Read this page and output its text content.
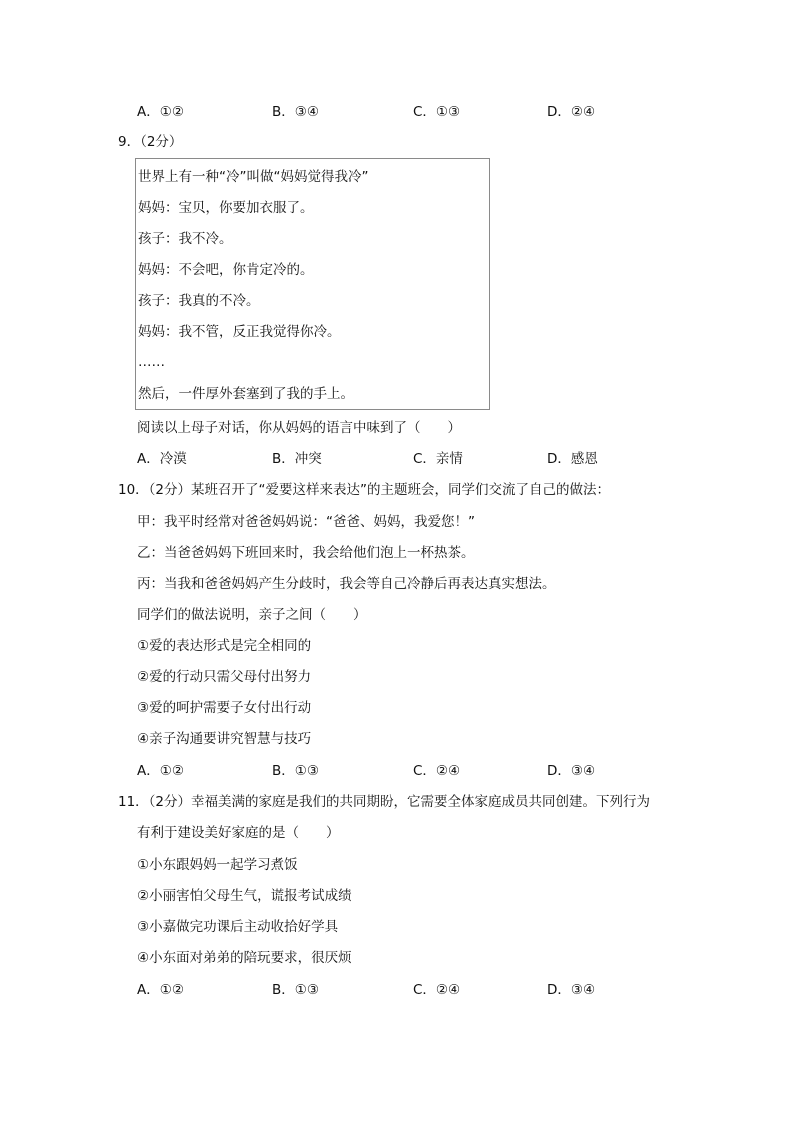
A．①②	B．③④	C．①③	D．②④
9．（2分）
世界上有一种“冷”叫做“妈妈觉得我冷”
妈妈：宝贝，你要加衣服了。
孩子：我不冷。
妈妈：不会吧，你肯定冷的。
孩子：我真的不冷。
妈妈：我不管，反正我觉得你冷。
……
然后，一件厚外套塞到了我的手上。
阅读以上母子对话，你从妈妈的语言中味到了（　　）
A．冷漠	B．冲突	C．亲情	D．感恩
10．（2分）某班召开了“爱要这样来表达”的主题班会，同学们交流了自己的做法：
甲：我平时经常对爸爸妈妈说：“爸爸、妈妈，我爱您！”
乙：当爸爸妈妈下班回来时，我会给他们泡上一杯热茶。
丙：当我和爸爸妈妈产生分歧时，我会等自己冷静后再表达真实想法。
同学们的做法说明，亲子之间（　　）
①爱的表达形式是完全相同的
②爱的行动只需父母付出努力
③爱的呵护需要子女付出行动
④亲子沟通要讲究智慧与技巧
A．①②	B．①③	C．②④	D．③④
11．（2分）幸福美满的家庭是我们的共同期盼，它需要全体家庭成员共同创建。下列行为
有利于建设美好家庭的是（　　）
①小东跟妈妈一起学习煮饭
②小丽害怕父母生气，谎报考试成绩
③小嘉做完功课后主动收拾好学具
④小东面对弟弟的陪玩要求，很厌烦
A．①②	B．①③	C．②④	D．③④
